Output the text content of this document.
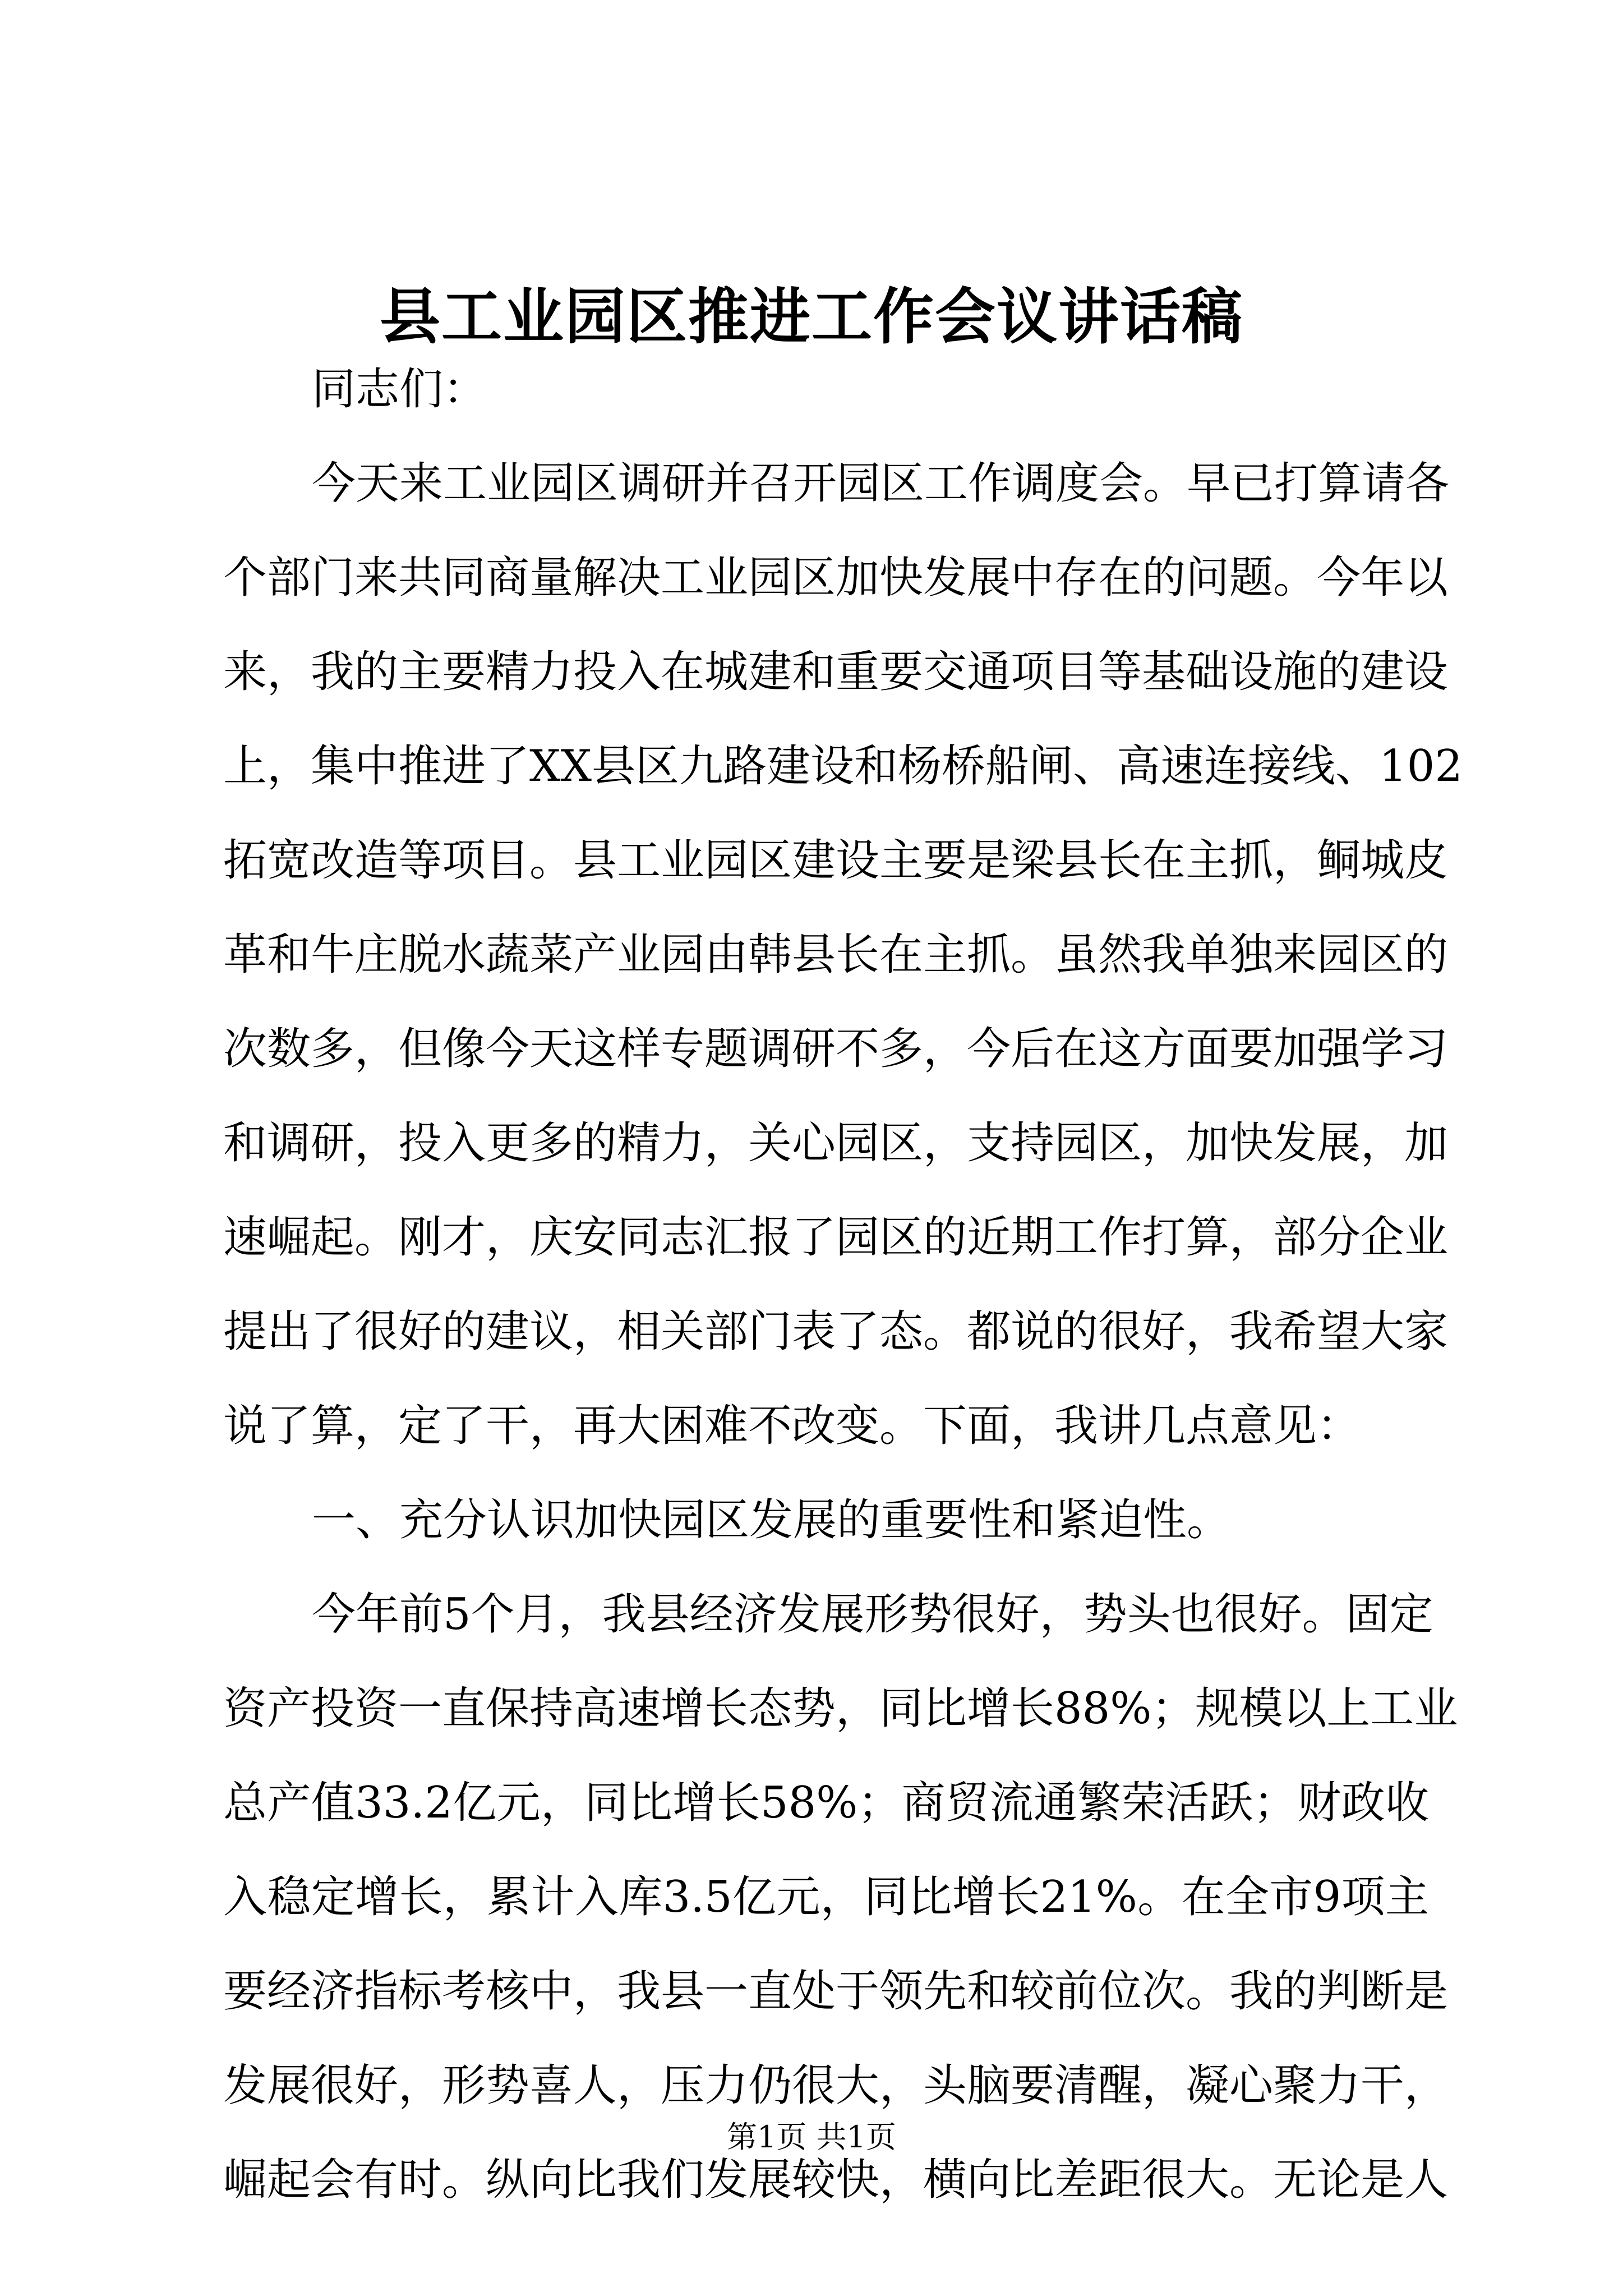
县工业园区推进工作会议讲话稿
同志们：
今天来工业园区调研并召开园区工作调度会。早已打算请各
个部门来共同商量解决工业园区加快发展中存在的问题。今年以
来，我的主要精力投入在城建和重要交通项目等基础设施的建设
上，集中推进了XX县区九路建设和杨桥船闸、高速连接线、102
拓宽改造等项目。县工业园区建设主要是梁县长在主抓，鲖城皮
革和牛庄脱水蔬菜产业园由韩县长在主抓。虽然我单独来园区的
次数多，但像今天这样专题调研不多，今后在这方面要加强学习
和调研，投入更多的精力，关心园区，支持园区，加快发展，加
速崛起。刚才，庆安同志汇报了园区的近期工作打算，部分企业
提出了很好的建议，相关部门表了态。都说的很好，我希望大家
说了算，定了干，再大困难不改变。下面，我讲几点意见：
一、充分认识加快园区发展的重要性和紧迫性。
今年前5个月，我县经济发展形势很好，势头也很好。固定
资产投资一直保持高速增长态势，同比增长88%；规模以上工业
总产值33.2亿元，同比增长58%；商贸流通繁荣活跃；财政收
入稳定增长，累计入库3.5亿元，同比增长21%。在全市9项主
要经济指标考核中，我县一直处于领先和较前位次。我的判断是
发展很好，形势喜人，压力仍很大，头脑要清醒，凝心聚力干，
崛起会有时。纵向比我们发展较快，横向比差距很大。无论是人
第1页 共1页
